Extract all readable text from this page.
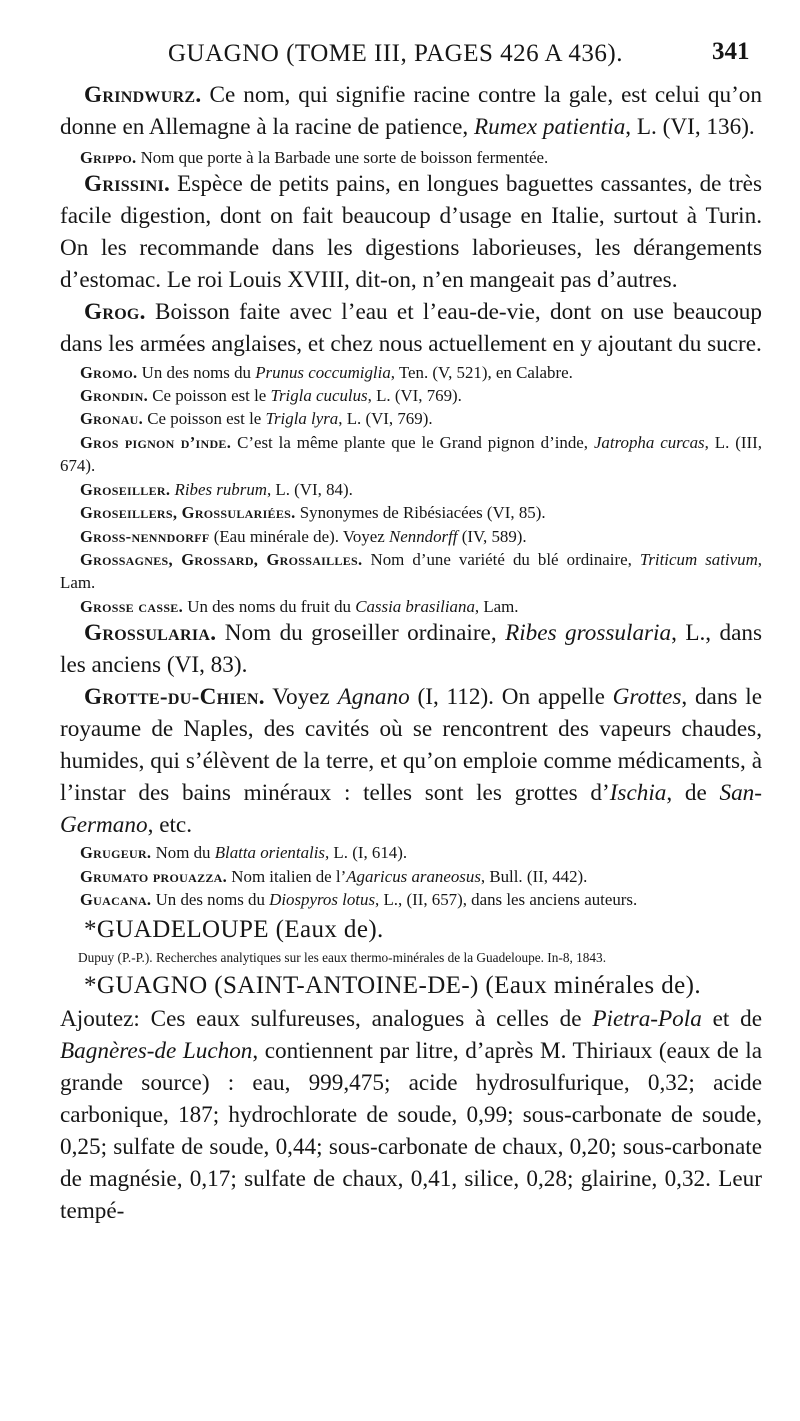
GUAGNO (TOME III, PAGES 426 A 436).	341

Grindwurz. Ce nom, qui signifie racine contre la gale, est celui qu’on donne en Allemagne à la racine de patience, Rumex patientia, L. (VI, 136).

Grippo. Nom que porte à la Barbade une sorte de boisson fermentée.

Grissini. Espèce de petits pains, en longues baguettes cassantes, de très facile digestion, dont on fait beaucoup d’usage en Italie, surtout à Turin. On les recommande dans les digestions laborieuses, les dérangements d’estomac. Le roi Louis XVIII, dit-on, n’en mangeait pas d’autres.

Grog. Boisson faite avec l’eau et l’eau-de-vie, dont on use beaucoup dans les armées anglaises, et chez nous actuellement en y ajoutant du sucre.

Gromo. Un des noms du Prunus coccumiglia, Ten. (V, 521), en Calabre.

Grondin. Ce poisson est le Trigla cuculus, L. (VI, 769).

Gronau. Ce poisson est le Trigla lyra, L. (VI, 769).

Gros pignon d’inde. C’est la même plante que le Grand pignon d’inde, Jatropha curcas, L. (III, 674).

Groseiller. Ribes rubrum, L. (VI, 84).

Groseillers, Grossulariées. Synonymes de Ribésiacées (VI, 85).

Gross-nenndorff (Eau minérale de). Voyez Nenndorff (IV, 589).

Grossagnes, Grossard, Grossailles. Nom d’une variété du blé ordinaire, Triticum sativum, Lam.

Grosse casse. Un des noms du fruit du Cassia brasiliana, Lam.

Grossularia. Nom du groseiller ordinaire, Ribes grossularia, L., dans les anciens (VI, 83).

Grotte-du-Chien. Voyez Agnano (I, 112). On appelle Grottes, dans le royaume de Naples, des cavités où se rencontrent des vapeurs chaudes, humides, qui s’élèvent de la terre, et qu’on emploie comme médicaments, à l’instar des bains minéraux : telles sont les grottes d’Ischia, de San-Germano, etc.

Grugeur. Nom du Blatta orientalis, L. (I, 614).

Grumato prouazza. Nom italien de l’Agaricus araneosus, Bull. (II, 442).

Guacana. Un des noms du Diospyros lotus, L., (II, 657), dans les anciens auteurs.

*GUADELOUPE (Eaux de).

Dupuy (P.-P.). Recherches analytiques sur les eaux thermo-minérales de la Guadeloupe. In-8, 1843.

*GUAGNO (SAINT-ANTOINE-DE-) (Eaux minérales de).

Ajoutez: Ces eaux sulfureuses, analogues à celles de Pietra-Pola et de Bagnères-de Luchon, contiennent par litre, d’après M. Thiriaux (eaux de la grande source) : eau, 999,475; acide hydrosulfurique, 0,32; acide carbonique, 187; hydrochlorate de soude, 0,99; sous-carbonate de soude, 0,25; sulfate de soude, 0,44; sous-carbonate de chaux, 0,20; sous-carbonate de magnésie, 0,17; sulfate de chaux, 0,41, silice, 0,28; glairine, 0,32. Leur tempé-
